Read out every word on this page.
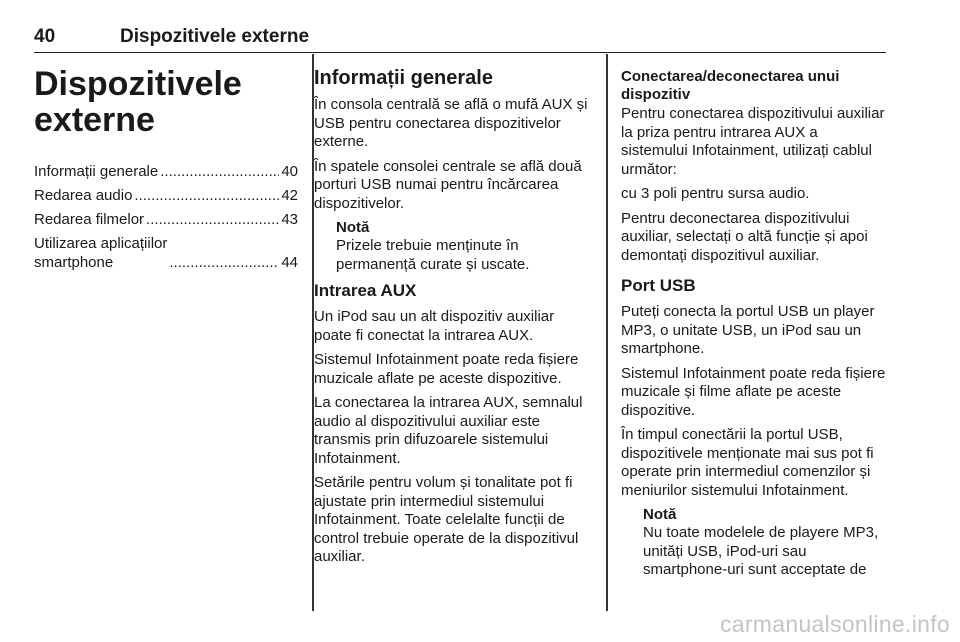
40	Dispozitivele externe
Dispozitivele
externe
Informații generale .....	40
Redarea audio .....	42
Redarea filmelor .....	43
Utilizarea aplicațiilor
smartphone .....	44
Informații generale

În consola centrală se află o mufă AUX și USB pentru conectarea dispozitivelor externe.

În spatele consolei centrale se află două porturi USB numai pentru încărcarea dispozitivelor.

Notă

Prizele trebuie menținute în permanență curate și uscate.

Intrarea AUX

Un iPod sau un alt dispozitiv auxiliar poate fi conectat la intrarea AUX.

Sistemul Infotainment poate reda fișiere muzicale aflate pe aceste dispozitive.

La conectarea la intrarea AUX, semnalul audio al dispozitivului auxiliar este transmis prin difuzoarele sistemului Infotainment.

Setările pentru volum și tonalitate pot fi ajustate prin intermediul sistemului Infotainment. Toate celelalte funcții de control trebuie operate de la dispozitivul auxiliar.

Conectarea/deconectarea unui dispozitiv

Pentru conectarea dispozitivului auxiliar la priza pentru intrarea AUX a sistemului Infotainment, utilizați cablul următor:

cu 3 poli pentru sursa audio.

Pentru deconectarea dispozitivului auxiliar, selectați o altă funcție și apoi demontați dispozitivul auxiliar.

Port USB

Puteți conecta la portul USB un player MP3, o unitate USB, un iPod sau un smartphone.

Sistemul Infotainment poate reda fișiere muzicale și filme aflate pe aceste dispozitive.

În timpul conectării la portul USB, dispozitivele menționate mai sus pot fi operate prin intermediul comenzilor și meniurilor sistemului Infotainment.

Notă

Nu toate modelele de playere MP3, unități USB, iPod-uri sau smartphone-uri sunt acceptate de

carmanualsonline.info
